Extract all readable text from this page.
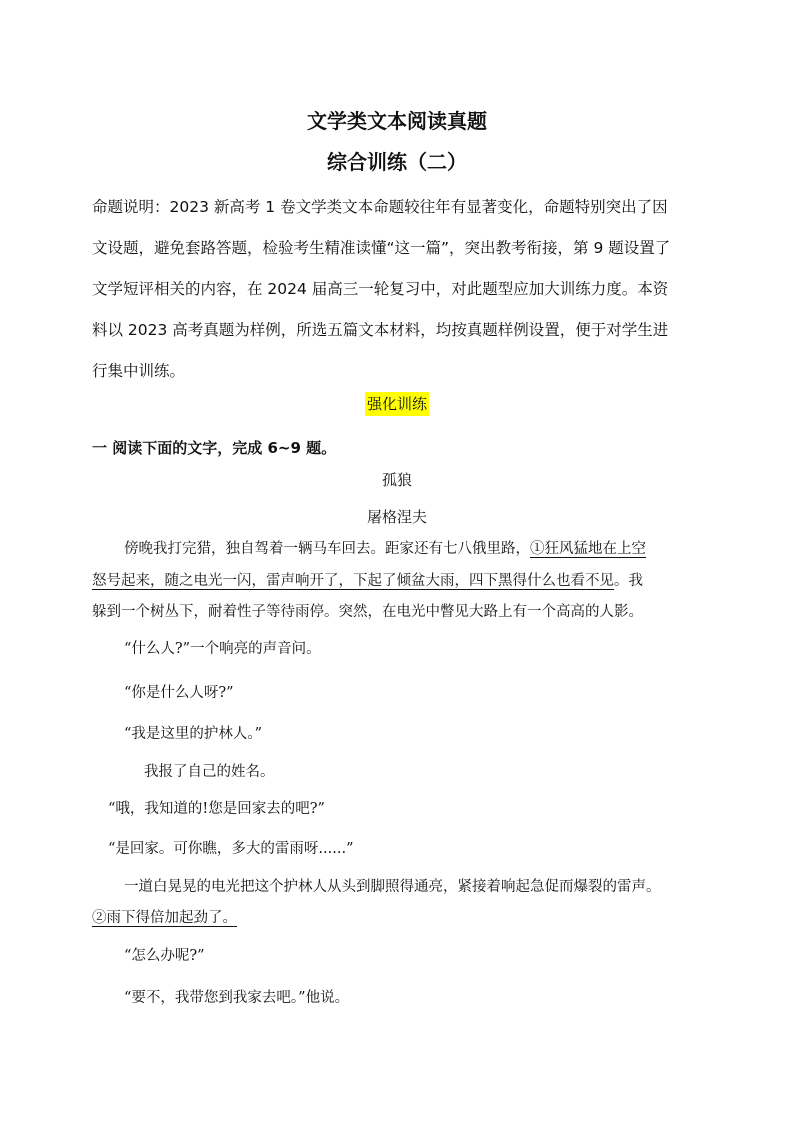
文学类文本阅读真题
综合训练（二）
命题说明：2023 新高考 1 卷文学类文本命题较往年有显著变化，命题特别突出了因
文设题，避免套路答题，检验考生精准读懂“这一篇”，突出教考衔接，第 9 题设置了
文学短评相关的内容，在 2024 届高三一轮复习中，对此题型应加大训练力度。本资
料以 2023 高考真题为样例，所选五篇文本材料，均按真题样例设置，便于对学生进
行集中训练。
强化训练
一 阅读下面的文字，完成 6~9 题。
孤狼
屠格涅夫
傍晚我打完猎，独自驾着一辆马车回去。距家还有七八俄里路，①狂风猛地在上空
怒号起来，随之电光一闪，雷声响开了，下起了倾盆大雨，四下黑得什么也看不见。我
躲到一个树丛下，耐着性子等待雨停。突然，在电光中瞥见大路上有一个高高的人影。
“什么人?”一个响亮的声音问。
“你是什么人呀?”
“我是这里的护林人。”
我报了自己的姓名。
“哦，我知道的!您是回家去的吧?”
“是回家。可你瞧，多大的雷雨呀......”
一道白晃晃的电光把这个护林人从头到脚照得通亮，紧接着响起急促而爆裂的雷声。
②雨下得倍加起劲了。
“怎么办呢?”
“要不，我带您到我家去吧。”他说。
